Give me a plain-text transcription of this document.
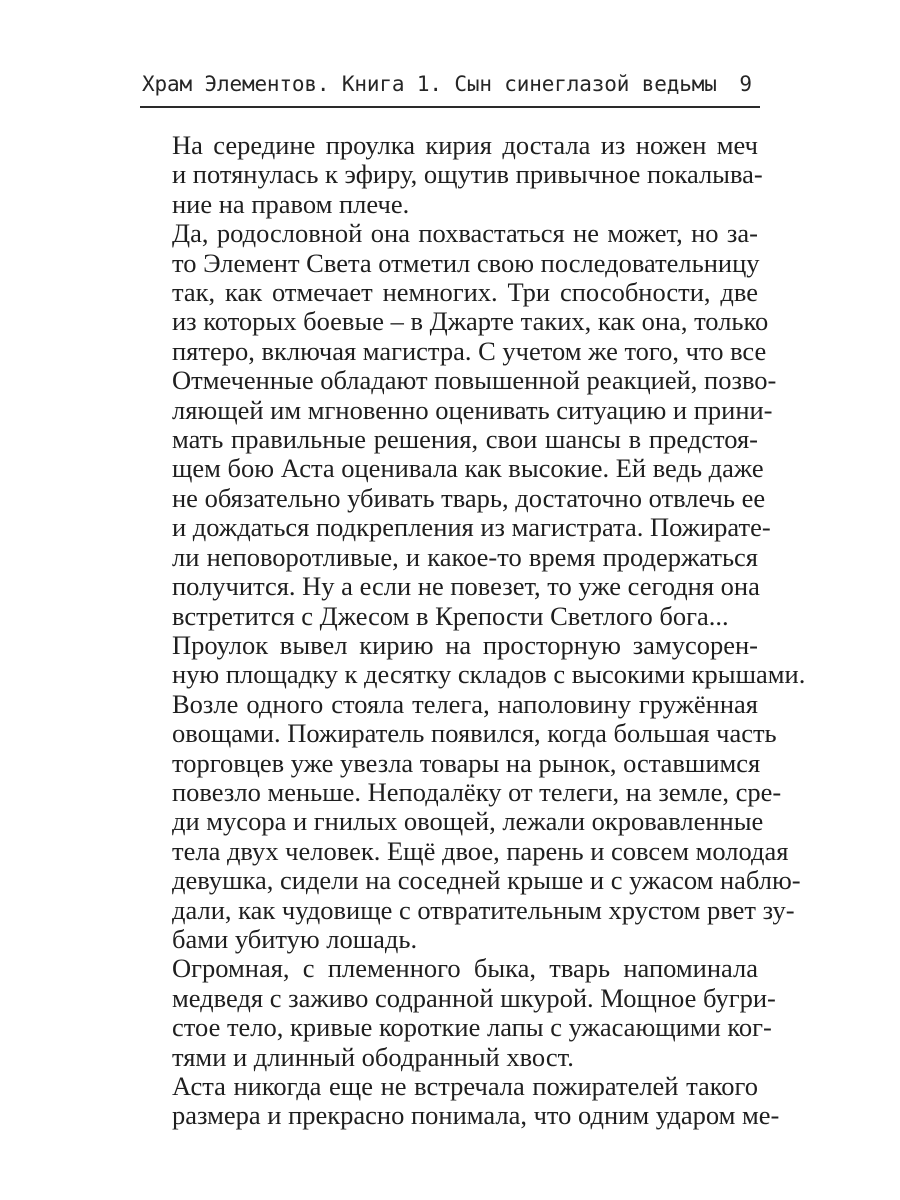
Храм Элементов. Книга 1. Сын синеглазой ведьмы 9

На середине проулка кирия достала из ножен меч
и потянулась к эфиру, ощутив привычное покалыва-
ние на правом плече.

Да, родословной она похвастаться не может, но за-
то Элемент Света отметил свою последовательницу
так, как отмечает немногих. Три способности, две
из которых боевые – в Джарте таких, как она, только
пятеро, включая магистра. С учетом же того, что все
Отмеченные обладают повышенной реакцией, позво-
ляющей им мгновенно оценивать ситуацию и прини-
мать правильные решения, свои шансы в предстоя-
щем бою Аста оценивала как высокие. Ей ведь даже
не обязательно убивать тварь, достаточно отвлечь ее
и дождаться подкрепления из магистрата. Пожирате-
ли неповоротливые, и какое-то время продержаться
получится. Ну а если не повезет, то уже сегодня она
встретится с Джесом в Крепости Светлого бога...

Проулок вывел кирию на просторную замусорен-
ную площадку к десятку складов с высокими крышами.
Возле одного стояла телега, наполовину гружённая
овощами. Пожиратель появился, когда большая часть
торговцев уже увезла товары на рынок, оставшимся
повезло меньше. Неподалёку от телеги, на земле, сре-
ди мусора и гнилых овощей, лежали окровавленные
тела двух человек. Ещё двое, парень и совсем молодая
девушка, сидели на соседней крыше и с ужасом наблю-
дали, как чудовище с отвратительным хрустом рвет зу-
бами убитую лошадь.

Огромная, с племенного быка, тварь напоминала
медведя с заживо содранной шкурой. Мощное бугри-
стое тело, кривые короткие лапы с ужасающими ког-
тями и длинный ободранный хвост.

Аста никогда еще не встречала пожирателей такого
размера и прекрасно понимала, что одним ударом ме-
